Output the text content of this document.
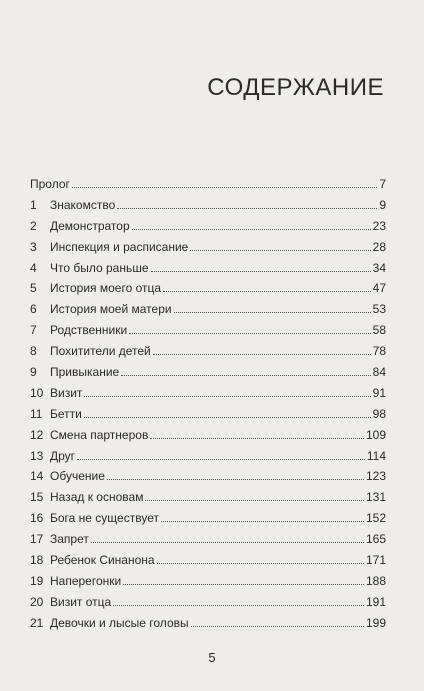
СОДЕРЖАНИЕ
Пролог	7
1	Знакомство	9
2	Демонстратор	23
3	Инспекция и расписание	28
4	Что было раньше	34
5	История моего отца	47
6	История моей матери	53
7	Родственники	58
8	Похитители детей	78
9	Привыкание	84
10 Визит	91
11 Бетти	98
12 Смена партнеров	109
13 Друг	114
14 Обучение	123
15 Назад к основам	131
16 Бога не существует	152
17 Запрет	165
18 Ребенок Синанона	171
19 Наперегонки	188
20 Визит отца	191
21 Девочки и лысые головы	199
5
